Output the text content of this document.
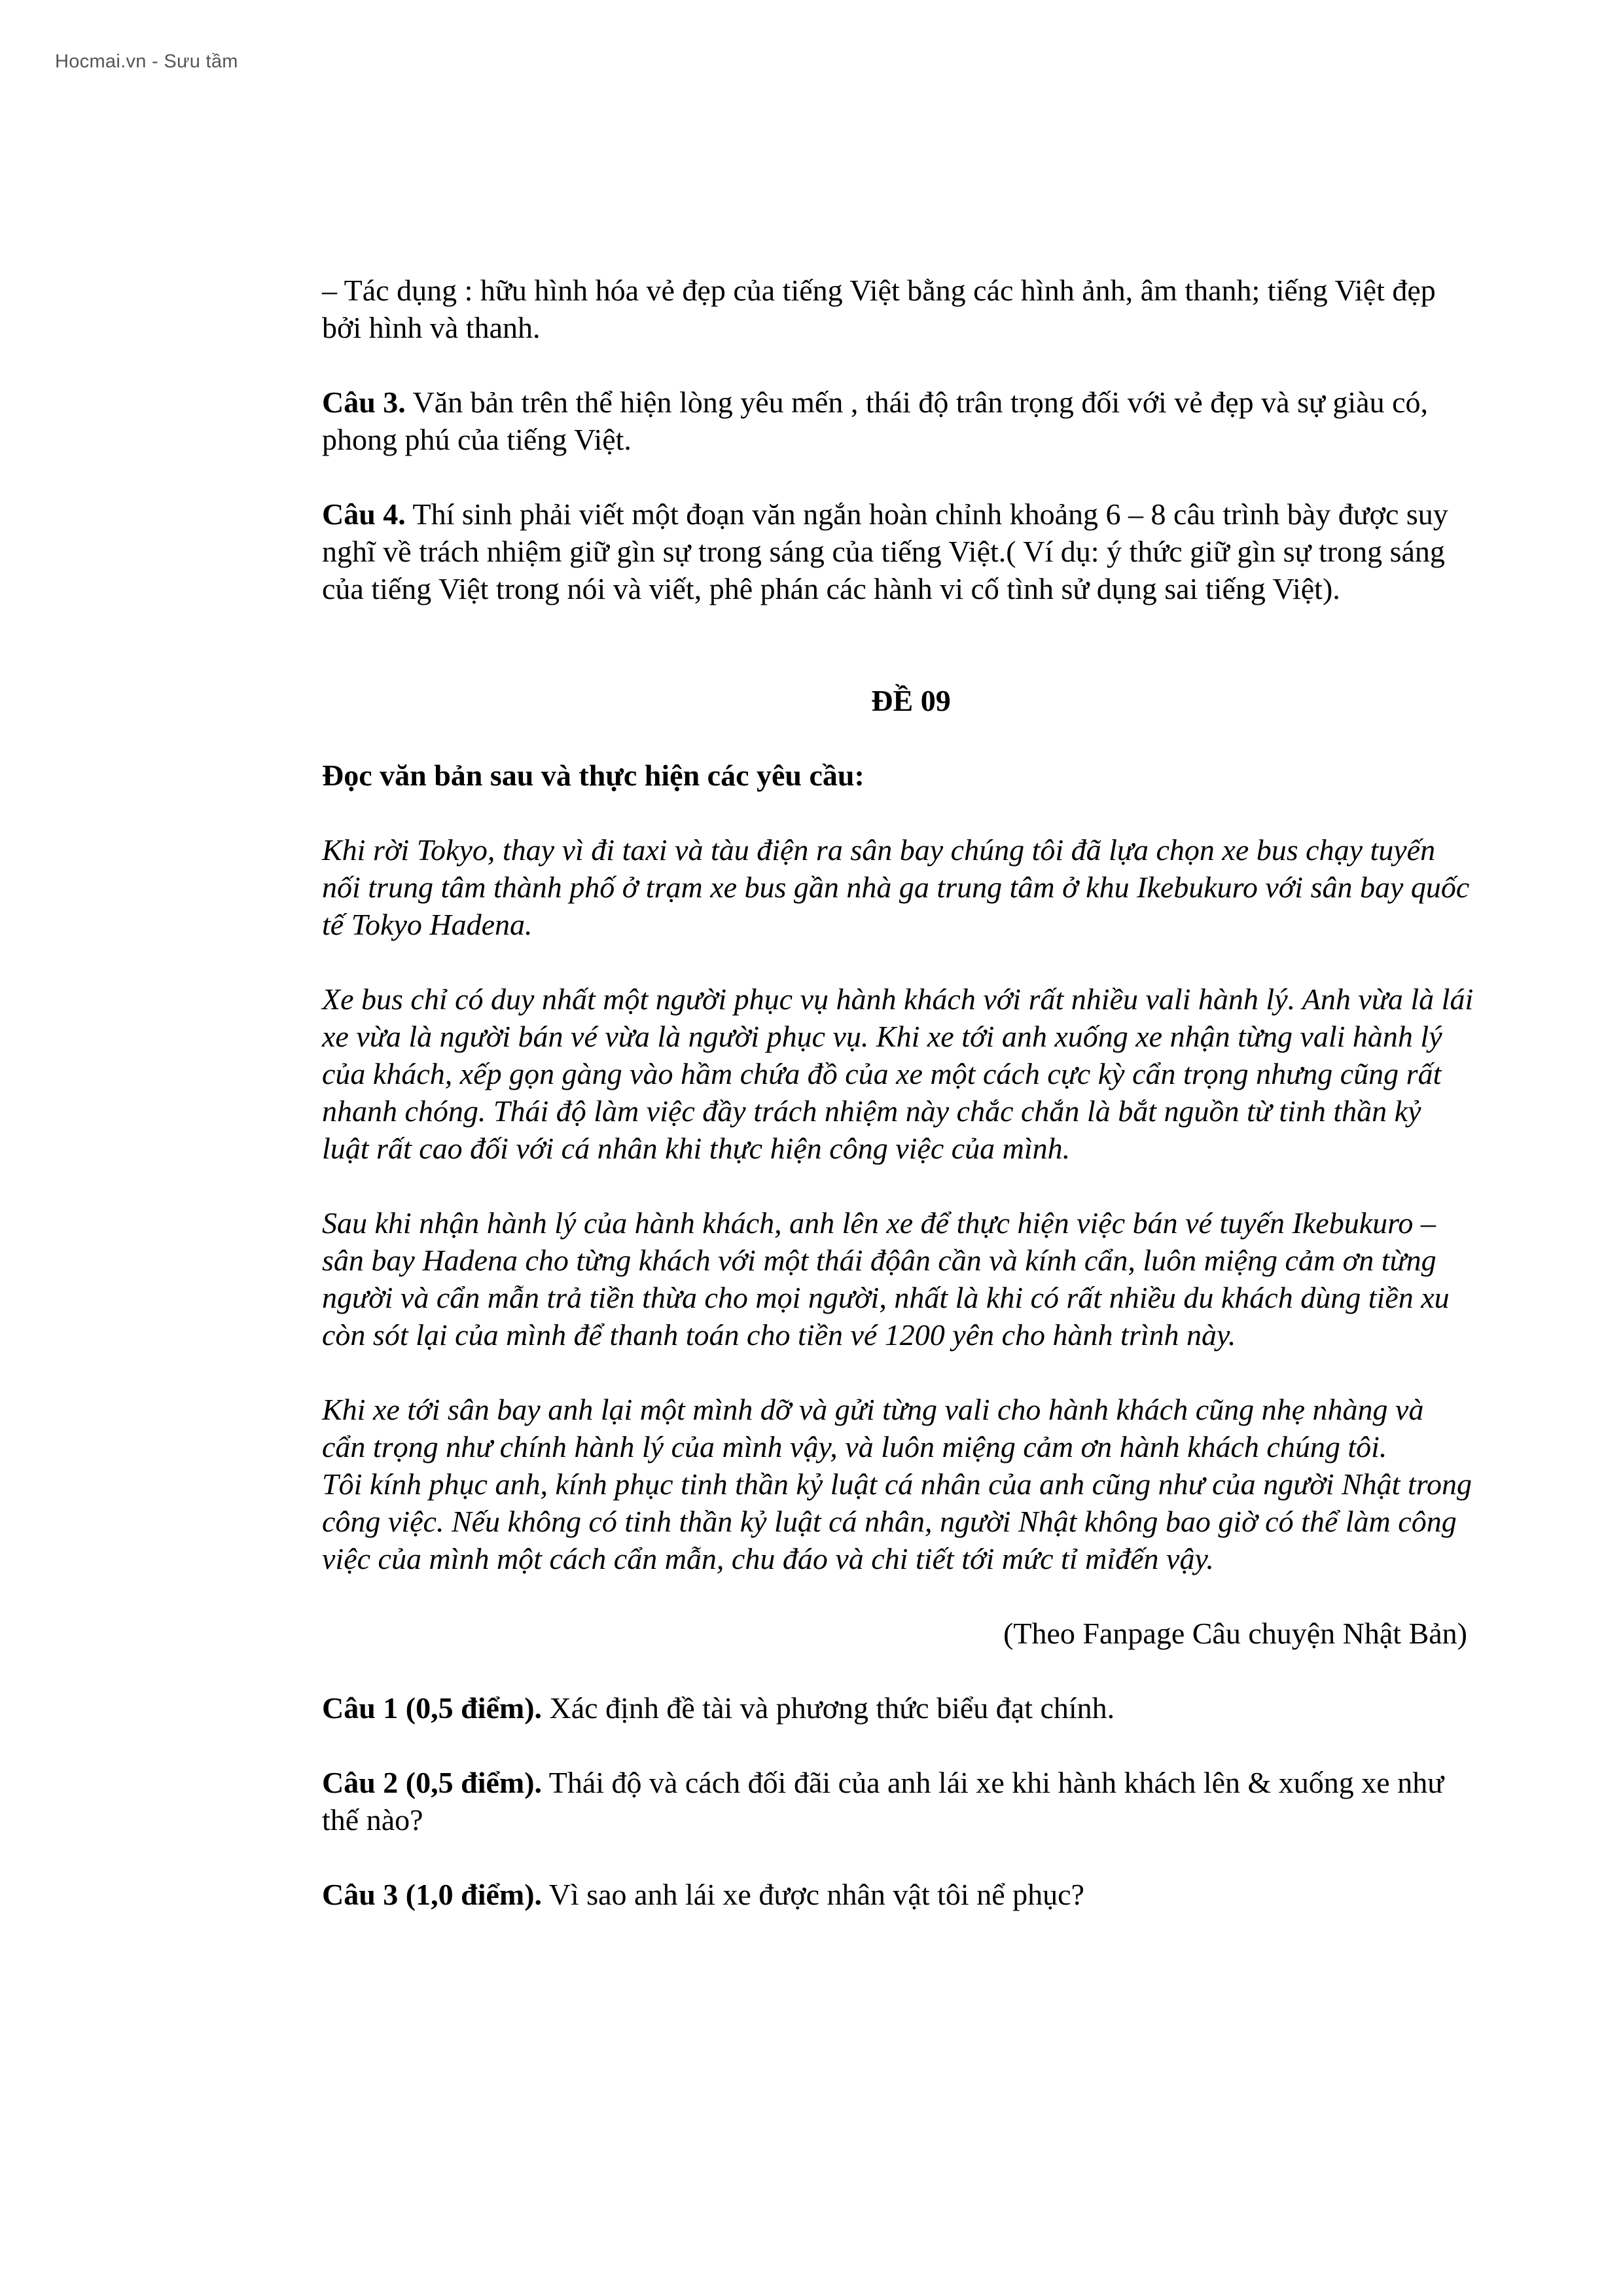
Hocmai.vn - Sưu tầm

– Tác dụng : hữu hình hóa vẻ đẹp của tiếng Việt bằng các hình ảnh, âm thanh; tiếng Việt đẹp bởi hình và thanh.

Câu 3. Văn bản trên thể hiện lòng yêu mến , thái độ trân trọng đối với vẻ đẹp và sự giàu có, phong phú của tiếng Việt.

Câu 4. Thí sinh phải viết một đoạn văn ngắn hoàn chỉnh khoảng 6 – 8 câu trình bày được suy nghĩ về trách nhiệm giữ gìn sự trong sáng của tiếng Việt.( Ví dụ: ý thức giữ gìn sự trong sáng của tiếng Việt trong nói và viết, phê phán các hành vi cố tình sử dụng sai tiếng Việt).

ĐỀ 09

Đọc văn bản sau và thực hiện các yêu cầu:

Khi rời Tokyo, thay vì đi taxi và tàu điện ra sân bay chúng tôi đã lựa chọn xe bus chạy tuyến nối trung tâm thành phố ở trạm xe bus gần nhà ga trung tâm ở khu Ikebukuro với sân bay quốc tế Tokyo Hadena.

Xe bus chỉ có duy nhất một người phục vụ hành khách với rất nhiều vali hành lý. Anh vừa là lái xe vừa là người bán vé vừa là người phục vụ. Khi xe tới anh xuống xe nhận từng vali hành lý của khách, xếp gọn gàng vào hầm chứa đồ của xe một cách cực kỳ cẩn trọng nhưng cũng rất nhanh chóng. Thái độ làm việc đầy trách nhiệm này chắc chắn là bắt nguồn từ tinh thần kỷ luật rất cao đối với cá nhân khi thực hiện công việc của mình.

Sau khi nhận hành lý của hành khách, anh lên xe để thực hiện việc bán vé tuyến Ikebukuro – sân bay Hadena cho từng khách với một thái độân cần và kính cẩn, luôn miệng cảm ơn từng người và cẩn mẫn trả tiền thừa cho mọi người, nhất là khi có rất nhiều du khách dùng tiền xu còn sót lại của mình để thanh toán cho tiền vé 1200 yên cho hành trình này.

Khi xe tới sân bay anh lại một mình dỡ và gửi từng vali cho hành khách cũng nhẹ nhàng và cẩn trọng như chính hành lý của mình vậy, và luôn miệng cảm ơn hành khách chúng tôi.

Tôi kính phục anh, kính phục tinh thần kỷ luật cá nhân của anh cũng như của người Nhật trong công việc. Nếu không có tinh thần kỷ luật cá nhân, người Nhật không bao giờ có thể làm công việc của mình một cách cẩn mẫn, chu đáo và chi tiết tới mức tỉ mỉđến vậy.

(Theo Fanpage Câu chuyện Nhật Bản)

Câu 1 (0,5 điểm). Xác định đề tài và phương thức biểu đạt chính.

Câu 2 (0,5 điểm). Thái độ và cách đối đãi của anh lái xe khi hành khách lên & xuống xe như thế nào?

Câu 3 (1,0 điểm). Vì sao anh lái xe được nhân vật tôi nể phục?
